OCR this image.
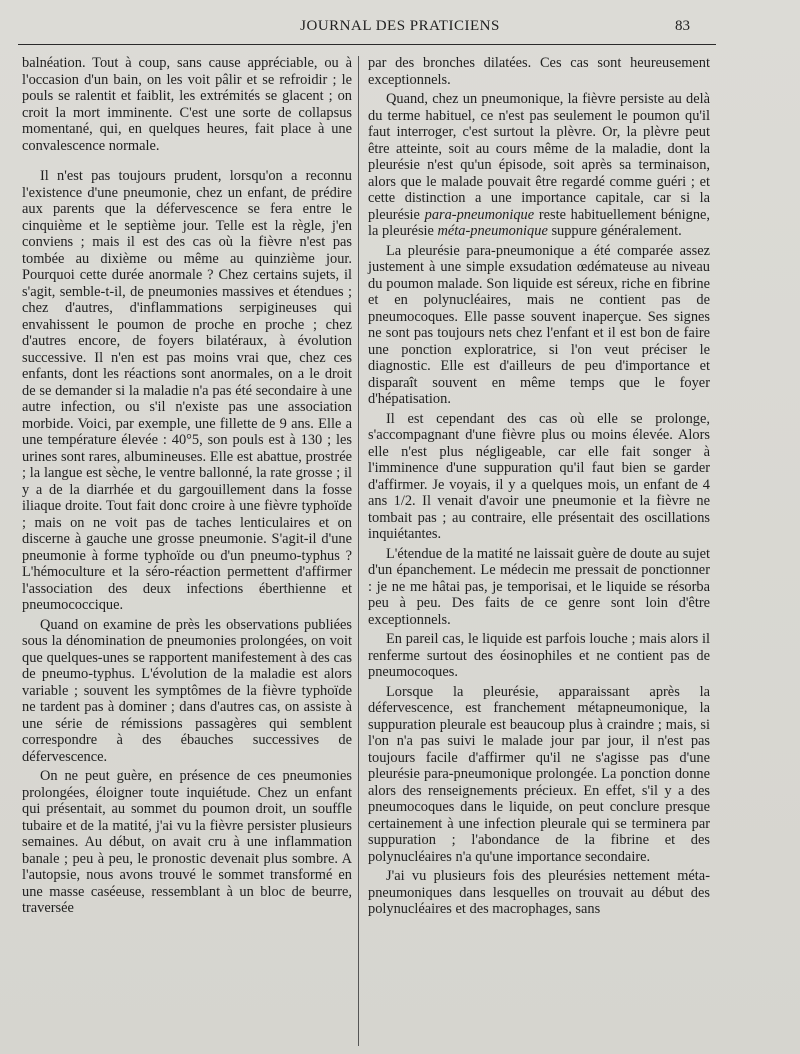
JOURNAL DES PRATICIENS	83

balnéation. Tout à coup, sans cause appréciable, ou à l'occasion d'un bain, on les voit pâlir et se refroidir ; le pouls se ralentit et faiblit, les extrémités se glacent ; on croit la mort imminente. C'est une sorte de collapsus momentané, qui, en quelques heures, fait place à une convalescence normale.

Il n'est pas toujours prudent, lorsqu'on a reconnu l'existence d'une pneumonie, chez un enfant, de prédire aux parents que la défervescence se fera entre le cinquième et le septième jour. Telle est la règle, j'en conviens ; mais il est des cas où la fièvre n'est pas tombée au dixième ou même au quinzième jour. Pourquoi cette durée anormale ? Chez certains sujets, il s'agit, semble-t-il, de pneumonies massives et étendues ; chez d'autres, d'inflammations serpigineuses qui envahissent le poumon de proche en proche ; chez d'autres encore, de foyers bilatéraux, à évolution successive. Il n'en est pas moins vrai que, chez ces enfants, dont les réactions sont anormales, on a le droit de se demander si la maladie n'a pas été secondaire à une autre infection, ou s'il n'existe pas une association morbide. Voici, par exemple, une fillette de 9 ans. Elle a une température élevée : 40°5, son pouls est à 130 ; les urines sont rares, albumineuses. Elle est abattue, prostrée ; la langue est sèche, le ventre ballonné, la rate grosse ; il y a de la diarrhée et du gargouillement dans la fosse iliaque droite. Tout fait donc croire à une fièvre typhoïde ; mais on ne voit pas de taches lenticulaires et on discerne à gauche une grosse pneumonie. S'agit-il d'une pneumonie à forme typhoïde ou d'un pneumo-typhus ? L'hémoculture et la séro-réaction permettent d'affirmer l'association des deux infections éberthienne et pneumococcique.

Quand on examine de près les observations publiées sous la dénomination de pneumonies prolongées, on voit que quelques-unes se rapportent manifestement à des cas de pneumo-typhus. L'évolution de la maladie est alors variable ; souvent les symptômes de la fièvre typhoïde ne tardent pas à dominer ; dans d'autres cas, on assiste à une série de rémissions passagères qui semblent correspondre à des ébauches successives de défervescence.

On ne peut guère, en présence de ces pneumonies prolongées, éloigner toute inquiétude. Chez un enfant qui présentait, au sommet du poumon droit, un souffle tubaire et de la matité, j'ai vu la fièvre persister plusieurs semaines. Au début, on avait cru à une inflammation banale ; peu à peu, le pronostic devenait plus sombre. A l'autopsie, nous avons trouvé le sommet transformé en une masse caséeuse, ressemblant à un bloc de beurre, traversée

par des bronches dilatées. Ces cas sont heureusement exceptionnels.

Quand, chez un pneumonique, la fièvre persiste au delà du terme habituel, ce n'est pas seulement le poumon qu'il faut interroger, c'est surtout la plèvre. Or, la plèvre peut être atteinte, soit au cours même de la maladie, dont la pleurésie n'est qu'un épisode, soit après sa terminaison, alors que le malade pouvait être regardé comme guéri ; et cette distinction a une importance capitale, car si la pleurésie para-pneumonique reste habituellement bénigne, la pleurésie méta-pneumonique suppure généralement.

La pleurésie para-pneumonique a été comparée assez justement à une simple exsudation œdémateuse au niveau du poumon malade. Son liquide est séreux, riche en fibrine et en polynucléaires, mais ne contient pas de pneumocoques. Elle passe souvent inaperçue. Ses signes ne sont pas toujours nets chez l'enfant et il est bon de faire une ponction exploratrice, si l'on veut préciser le diagnostic. Elle est d'ailleurs de peu d'importance et disparaît souvent en même temps que le foyer d'hépatisation.

Il est cependant des cas où elle se prolonge, s'accompagnant d'une fièvre plus ou moins élevée. Alors elle n'est plus négligeable, car elle fait songer à l'imminence d'une suppuration qu'il faut bien se garder d'affirmer. Je voyais, il y a quelques mois, un enfant de 4 ans 1/2. Il venait d'avoir une pneumonie et la fièvre ne tombait pas ; au contraire, elle présentait des oscillations inquiétantes.

L'étendue de la matité ne laissait guère de doute au sujet d'un épanchement. Le médecin me pressait de ponctionner : je ne me hâtai pas, je temporisai, et le liquide se résorba peu à peu. Des faits de ce genre sont loin d'être exceptionnels.

En pareil cas, le liquide est parfois louche ; mais alors il renferme surtout des éosinophiles et ne contient pas de pneumocoques.

Lorsque la pleurésie, apparaissant après la défervescence, est franchement métapneumonique, la suppuration pleurale est beaucoup plus à craindre ; mais, si l'on n'a pas suivi le malade jour par jour, il n'est pas toujours facile d'affirmer qu'il ne s'agisse pas d'une pleurésie para-pneumonique prolongée. La ponction donne alors des renseignements précieux. En effet, s'il y a des pneumocoques dans le liquide, on peut conclure presque certainement à une infection pleurale qui se terminera par suppuration ; l'abondance de la fibrine et des polynucléaires n'a qu'une importance secondaire.

J'ai vu plusieurs fois des pleurésies nettement méta-pneumoniques dans lesquelles on trouvait au début des polynucléaires et des macrophages, sans
